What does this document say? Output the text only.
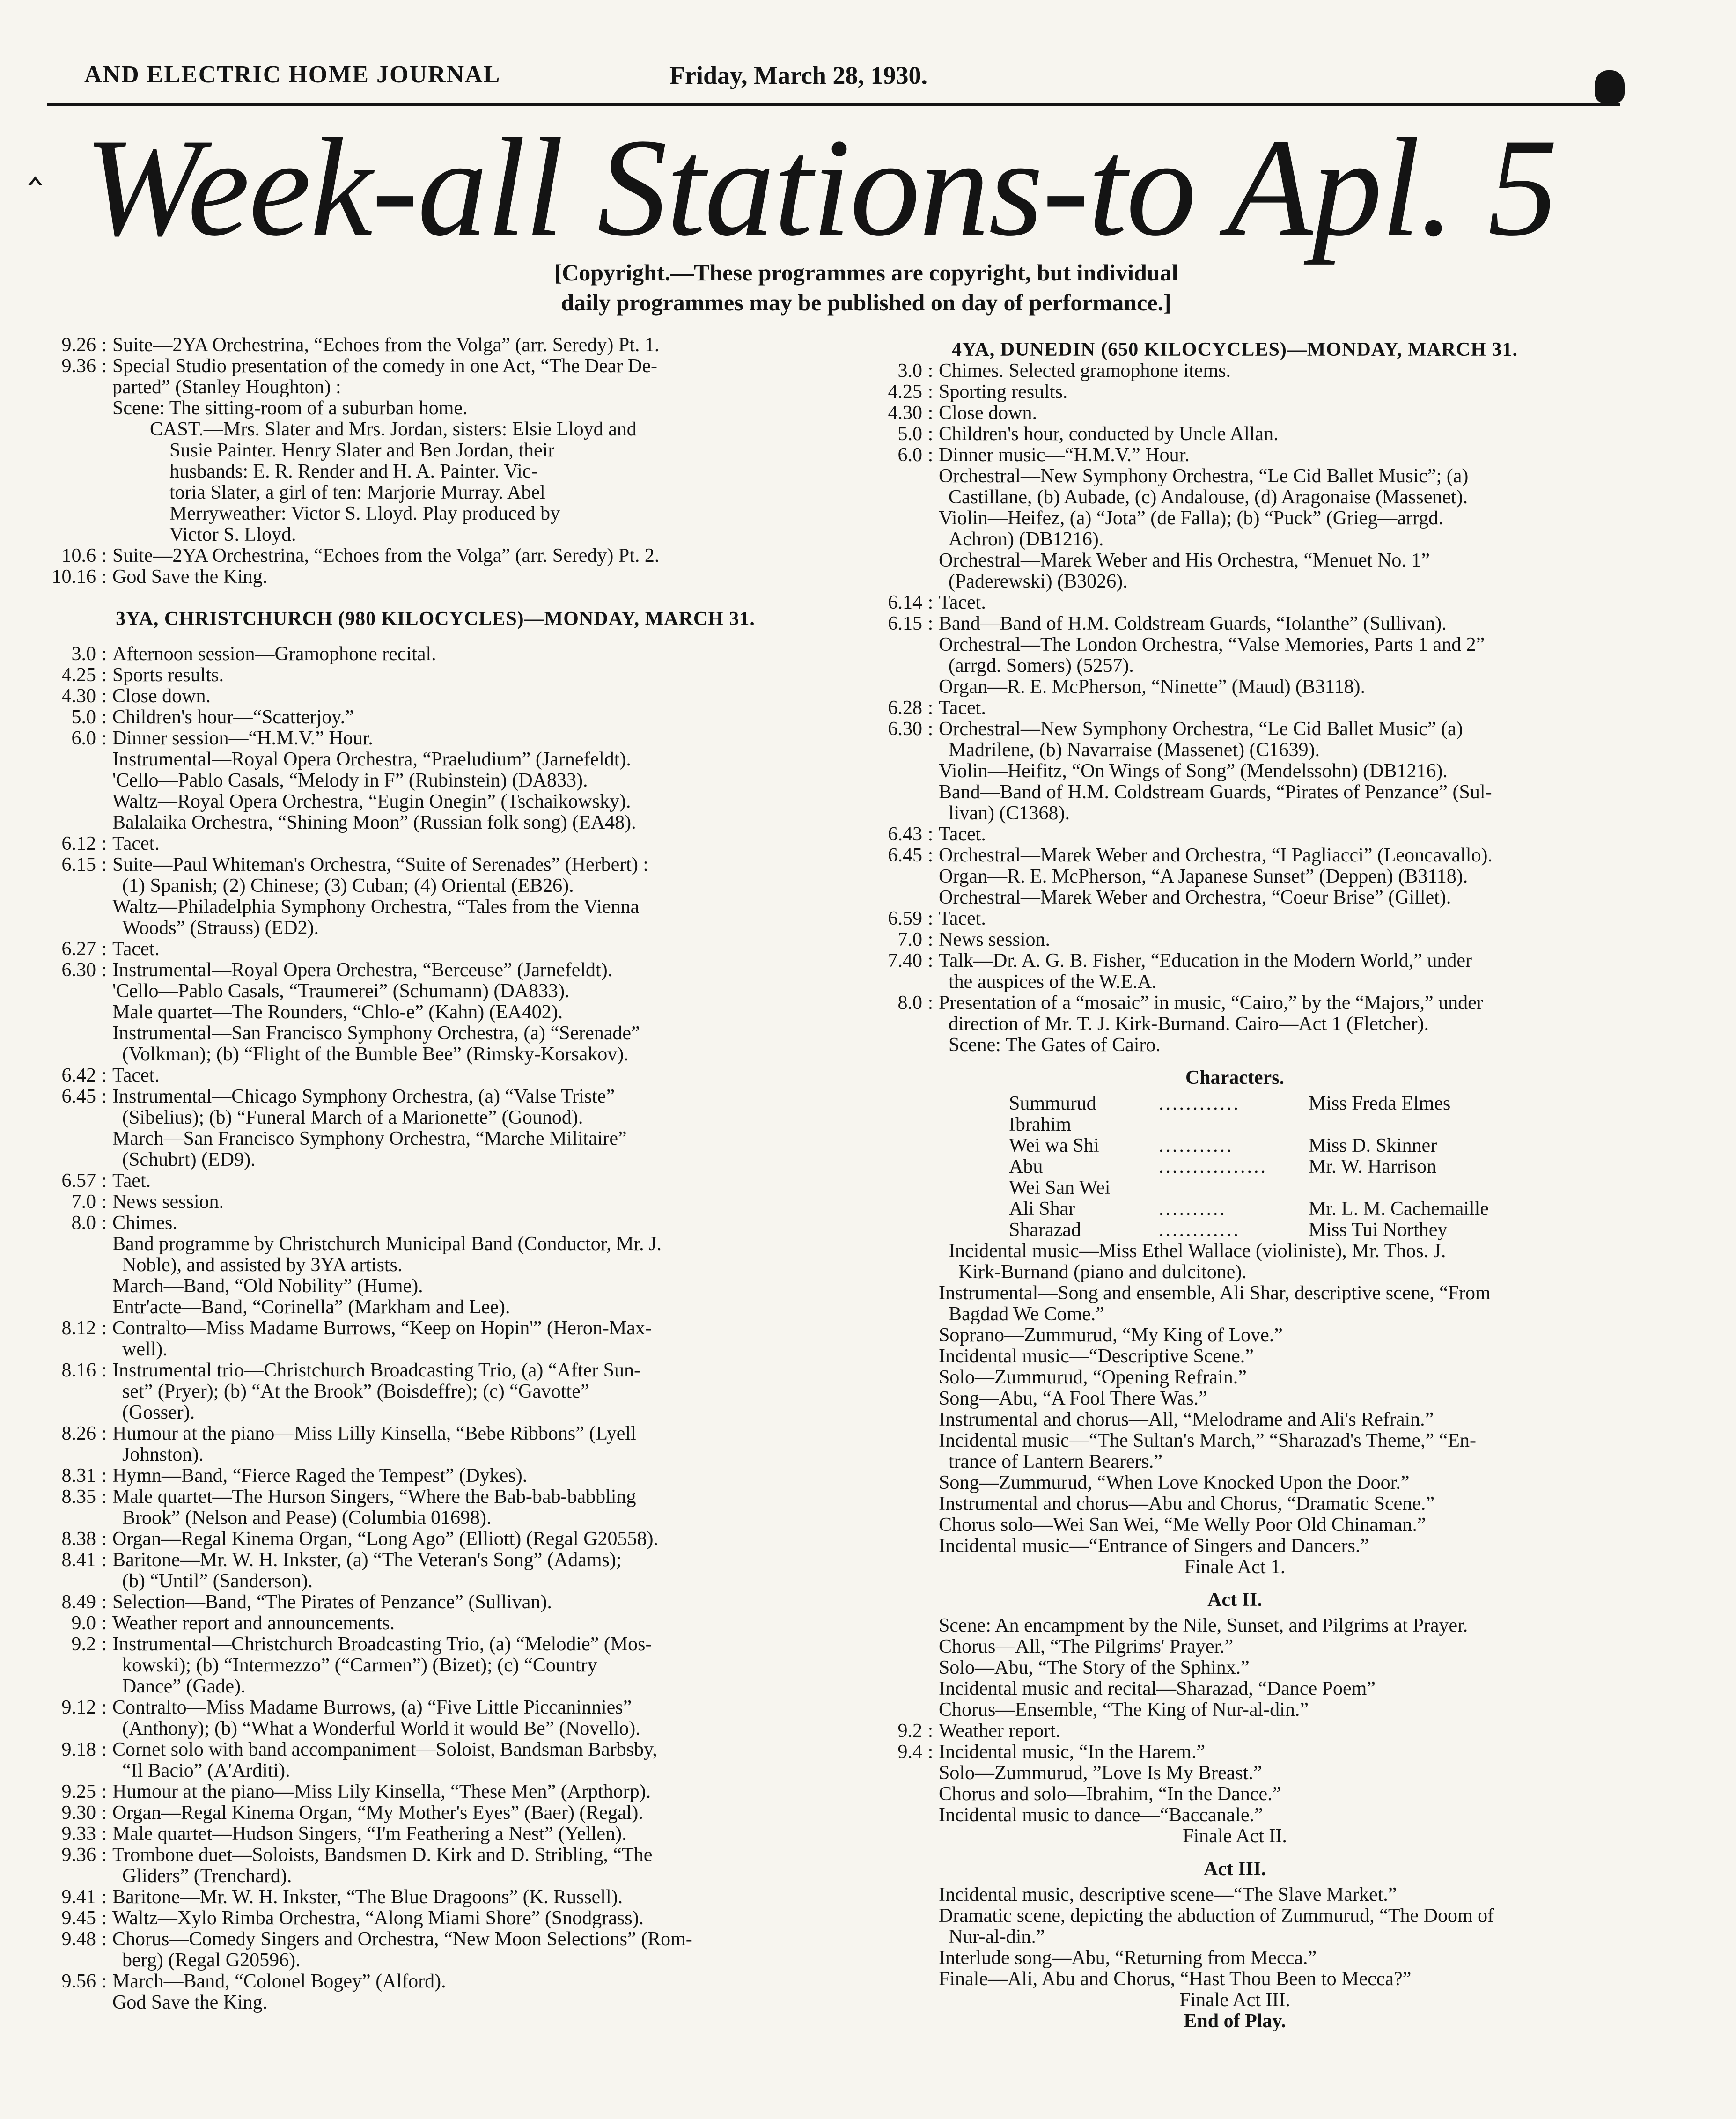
AND ELECTRIC HOME JOURNAL	Friday, March 28, 1930.
‸ Week-all Stations-to Apl. 5
[Copyright.—These programmes are copyright, but individual
daily programmes may be published on day of performance.]
9.26 : Suite—2YA Orchestrina, “Echoes from the Volga” (arr. Seredy) Pt. 1.
9.36 : Special Studio presentation of the comedy in one Act, “The Dear De-
parted” (Stanley Houghton) :
Scene: The sitting-room of a suburban home.
CAST.—Mrs. Slater and Mrs. Jordan, sisters: Elsie Lloyd and
Susie Painter. Henry Slater and Ben Jordan, their
husbands: E. R. Render and H. A. Painter. Vic-
toria Slater, a girl of ten: Marjorie Murray. Abel
Merryweather: Victor S. Lloyd. Play produced by
Victor S. Lloyd.
10.6 : Suite—2YA Orchestrina, “Echoes from the Volga” (arr. Seredy) Pt. 2.
10.16 : God Save the King.
3YA, CHRISTCHURCH (980 KILOCYCLES)—MONDAY, MARCH 31.
3.0 : Afternoon session—Gramophone recital.
4.25 : Sports results.
4.30 : Close down.
5.0 : Children's hour—“Scatterjoy.”
6.0 : Dinner session—“H.M.V.” Hour.
Instrumental—Royal Opera Orchestra, “Praeludium” (Jarnefeldt).
'Cello—Pablo Casals, “Melody in F” (Rubinstein) (DA833).
Waltz—Royal Opera Orchestra, “Eugin Onegin” (Tschaikowsky).
Balalaika Orchestra, “Shining Moon” (Russian folk song) (EA48).
6.12 : Tacet.
6.15 : Suite—Paul Whiteman's Orchestra, “Suite of Serenades” (Herbert) :
(1) Spanish; (2) Chinese; (3) Cuban; (4) Oriental (EB26).
Waltz—Philadelphia Symphony Orchestra, “Tales from the Vienna
Woods” (Strauss) (ED2).
6.27 : Tacet.
6.30 : Instrumental—Royal Opera Orchestra, “Berceuse” (Jarnefeldt).
'Cello—Pablo Casals, “Traumerei” (Schumann) (DA833).
Male quartet—The Rounders, “Chlo-e” (Kahn) (EA402).
Instrumental—San Francisco Symphony Orchestra, (a) “Serenade”
(Volkman); (b) “Flight of the Bumble Bee” (Rimsky-Korsakov).
6.42 : Tacet.
6.45 : Instrumental—Chicago Symphony Orchestra, (a) “Valse Triste”
(Sibelius); (b) “Funeral March of a Marionette” (Gounod).
March—San Francisco Symphony Orchestra, “Marche Militaire”
(Schubrt) (ED9).
6.57 : Taet.
7.0 : News session.
8.0 : Chimes.
Band programme by Christchurch Municipal Band (Conductor, Mr. J.
Noble), and assisted by 3YA artists.
March—Band, “Old Nobility” (Hume).
Entr'acte—Band, “Corinella” (Markham and Lee).
8.12 : Contralto—Miss Madame Burrows, “Keep on Hopin'” (Heron-Max-
well).
8.16 : Instrumental trio—Christchurch Broadcasting Trio, (a) “After Sun-
set” (Pryer); (b) “At the Brook” (Boisdeffre); (c) “Gavotte”
(Gosser).
8.26 : Humour at the piano—Miss Lilly Kinsella, “Bebe Ribbons” (Lyell
Johnston).
8.31 : Hymn—Band, “Fierce Raged the Tempest” (Dykes).
8.35 : Male quartet—The Hurson Singers, “Where the Bab-bab-babbling
Brook” (Nelson and Pease) (Columbia 01698).
8.38 : Organ—Regal Kinema Organ, “Long Ago” (Elliott) (Regal G20558).
8.41 : Baritone—Mr. W. H. Inkster, (a) “The Veteran's Song” (Adams);
(b) “Until” (Sanderson).
8.49 : Selection—Band, “The Pirates of Penzance” (Sullivan).
9.0 : Weather report and announcements.
9.2 : Instrumental—Christchurch Broadcasting Trio, (a) “Melodie” (Mos-
kowski); (b) “Intermezzo” (“Carmen”) (Bizet); (c) “Country
Dance” (Gade).
9.12 : Contralto—Miss Madame Burrows, (a) “Five Little Piccaninnies”
(Anthony); (b) “What a Wonderful World it would Be” (Novello).
9.18 : Cornet solo with band accompaniment—Soloist, Bandsman Barbsby,
“Il Bacio” (A'Arditi).
9.25 : Humour at the piano—Miss Lily Kinsella, “These Men” (Arpthorp).
9.30 : Organ—Regal Kinema Organ, “My Mother's Eyes” (Baer) (Regal).
9.33 : Male quartet—Hudson Singers, “I'm Feathering a Nest” (Yellen).
9.36 : Trombone duet—Soloists, Bandsmen D. Kirk and D. Stribling, “The
Gliders” (Trenchard).
9.41 : Baritone—Mr. W. H. Inkster, “The Blue Dragoons” (K. Russell).
9.45 : Waltz—Xylo Rimba Orchestra, “Along Miami Shore” (Snodgrass).
9.48 : Chorus—Comedy Singers and Orchestra, “New Moon Selections” (Rom-
berg) (Regal G20596).
9.56 : March—Band, “Colonel Bogey” (Alford).
God Save the King.
4YA, DUNEDIN (650 KILOCYCLES)—MONDAY, MARCH 31.
3.0 : Chimes. Selected gramophone items.
4.25 : Sporting results.
4.30 : Close down.
5.0 : Children's hour, conducted by Uncle Allan.
6.0 : Dinner music—“H.M.V.” Hour.
Orchestral—New Symphony Orchestra, “Le Cid Ballet Music”; (a)
Castillane, (b) Aubade, (c) Andalouse, (d) Aragonaise (Massenet).
Violin—Heifez, (a) “Jota” (de Falla); (b) “Puck” (Grieg—arrgd.
Achron) (DB1216).
Orchestral—Marek Weber and His Orchestra, “Menuet No. 1”
(Paderewski) (B3026).
6.14 : Tacet.
6.15 : Band—Band of H.M. Coldstream Guards, “Iolanthe” (Sullivan).
Orchestral—The London Orchestra, “Valse Memories, Parts 1 and 2”
(arrgd. Somers) (5257).
Organ—R. E. McPherson, “Ninette” (Maud) (B3118).
6.28 : Tacet.
6.30 : Orchestral—New Symphony Orchestra, “Le Cid Ballet Music” (a)
Madrilene, (b) Navarraise (Massenet) (C1639).
Violin—Heifitz, “On Wings of Song” (Mendelssohn) (DB1216).
Band—Band of H.M. Coldstream Guards, “Pirates of Penzance” (Sul-
livan) (C1368).
6.43 : Tacet.
6.45 : Orchestral—Marek Weber and Orchestra, “I Pagliacci” (Leoncavallo).
Organ—R. E. McPherson, “A Japanese Sunset” (Deppen) (B3118).
Orchestral—Marek Weber and Orchestra, “Coeur Brise” (Gillet).
6.59 : Tacet.
7.0 : News session.
7.40 : Talk—Dr. A. G. B. Fisher, “Education in the Modern World,” under
the auspices of the W.E.A.
8.0 : Presentation of a “mosaic” in music, “Cairo,” by the “Majors,” under
direction of Mr. T. J. Kirk-Burnand. Cairo—Act 1 (Fletcher).
Scene: The Gates of Cairo.
Characters.
Summurud	............	Miss Freda Elmes
Ibrahim
Wei wa Shi	...........	Miss D. Skinner
Abu	................	Mr. W. Harrison
Wei San Wei
Ali Shar	..........	Mr. L. M. Cachemaille
Sharazad	............	Miss Tui Northey
Incidental music—Miss Ethel Wallace (violiniste), Mr. Thos. J.
Kirk-Burnand (piano and dulcitone).
Instrumental—Song and ensemble, Ali Shar, descriptive scene, “From
Bagdad We Come.”
Soprano—Zummurud, “My King of Love.”
Incidental music—“Descriptive Scene.”
Solo—Zummurud, “Opening Refrain.”
Song—Abu, “A Fool There Was.”
Instrumental and chorus—All, “Melodrame and Ali's Refrain.”
Incidental music—“The Sultan's March,” “Sharazad's Theme,” “En-
trance of Lantern Bearers.”
Song—Zummurud, “When Love Knocked Upon the Door.”
Instrumental and chorus—Abu and Chorus, “Dramatic Scene.”
Chorus solo—Wei San Wei, “Me Welly Poor Old Chinaman.”
Incidental music—“Entrance of Singers and Dancers.”
Finale Act 1.
Act II.
Scene: An encampment by the Nile, Sunset, and Pilgrims at Prayer.
Chorus—All, “The Pilgrims' Prayer.”
Solo—Abu, “The Story of the Sphinx.”
Incidental music and recital—Sharazad, “Dance Poem”
Chorus—Ensemble, “The King of Nur-al-din.”
9.2 : Weather report.
9.4 : Incidental music, “In the Harem.”
Solo—Zummurud, ”Love Is My Breast.”
Chorus and solo—Ibrahim, “In the Dance.”
Incidental music to dance—“Baccanale.”
Finale Act II.
Act III.
Incidental music, descriptive scene—“The Slave Market.”
Dramatic scene, depicting the abduction of Zummurud, “The Doom of
Nur-al-din.”
Interlude song—Abu, “Returning from Mecca.”
Finale—Ali, Abu and Chorus, “Hast Thou Been to Mecca?”
Finale Act III.
End of Play.
